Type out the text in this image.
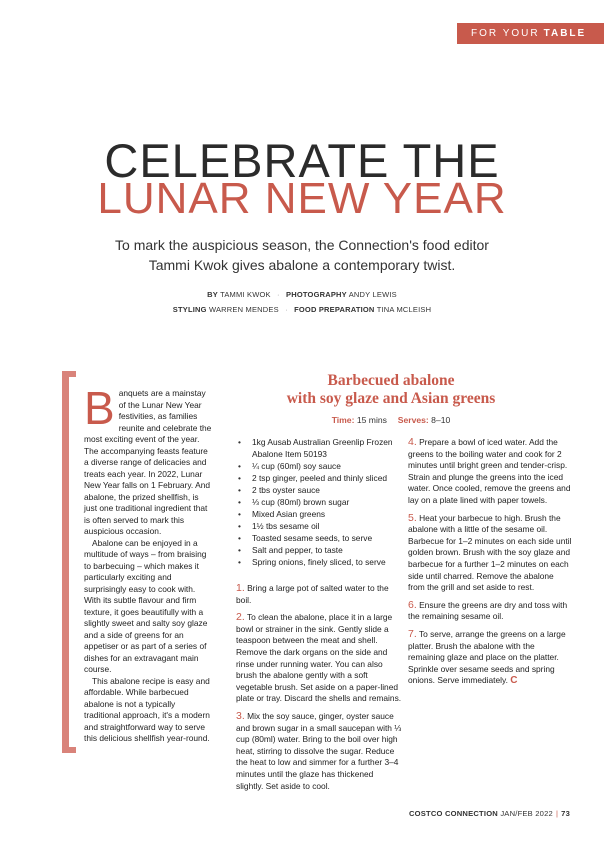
FOR YOUR TABLE
CELEBRATE THE
LUNAR NEW YEAR
To mark the auspicious season, the Connection's food editor Tammi Kwok gives abalone a contemporary twist.
BY TAMMI KWOK · PHOTOGRAPHY ANDY LEWIS
STYLING WARREN MENDES · FOOD PREPARATION TINA MCLEISH

Banquets are a mainstay of the Lunar New Year festivities, as families reunite and celebrate the most exciting event of the year. The accompanying feasts feature a diverse range of delicacies and treats each year. In 2022, Lunar New Year falls on 1 February. And abalone, the prized shellfish, is just one traditional ingredient that is often served to mark this auspicious occasion.

Abalone can be enjoyed in a multitude of ways – from braising to barbecuing – which makes it particularly exciting and surprisingly easy to cook with. With its subtle flavour and firm texture, it goes beautifully with a slightly sweet and salty soy glaze and a side of greens for an appetiser or as part of a series of dishes for an extravagant main course.

This abalone recipe is easy and affordable. While barbecued abalone is not a typically traditional approach, it's a modern and straightforward way to serve this delicious shellfish year-round.

Barbecued abalone
with soy glaze and Asian greens
Time: 15 mins Serves: 8–10
• 1kg Ausab Australian Greenlip Frozen Abalone Item 50193
• ¼ cup (60ml) soy sauce
• 2 tsp ginger, peeled and thinly sliced
• 2 tbs oyster sauce
• ⅓ cup (80ml) brown sugar
• Mixed Asian greens
• 1½ tbs sesame oil
• Toasted sesame seeds, to serve
• Salt and pepper, to taste
• Spring onions, finely sliced, to serve

1. Bring a large pot of salted water to the boil.

2. To clean the abalone, place it in a large bowl or strainer in the sink. Gently slide a teaspoon between the meat and shell. Remove the dark organs on the side and rinse under running water. You can also brush the abalone gently with a soft vegetable brush. Set aside on a paper-lined plate or tray. Discard the shells and remains.

3. Mix the soy sauce, ginger, oyster sauce and brown sugar in a small saucepan with ⅓ cup (80ml) water. Bring to the boil over high heat, stirring to dissolve the sugar. Reduce the heat to low and simmer for a further 3–4 minutes until the glaze has thickened slightly. Set aside to cool.

4. Prepare a bowl of iced water. Add the greens to the boiling water and cook for 2 minutes until bright green and tender-crisp. Strain and plunge the greens into the iced water. Once cooled, remove the greens and lay on a plate lined with paper towels.

5. Heat your barbecue to high. Brush the abalone with a little of the sesame oil. Barbecue for 1–2 minutes on each side until golden brown. Brush with the soy glaze and barbecue for a further 1–2 minutes on each side until charred. Remove the abalone from the grill and set aside to rest.

6. Ensure the greens are dry and toss with the remaining sesame oil.

7. To serve, arrange the greens on a large platter. Brush the abalone with the remaining glaze and place on the platter. Sprinkle over sesame seeds and spring onions. Serve immediately. C

COSTCO CONNECTION JAN/FEB 2022 | 73
